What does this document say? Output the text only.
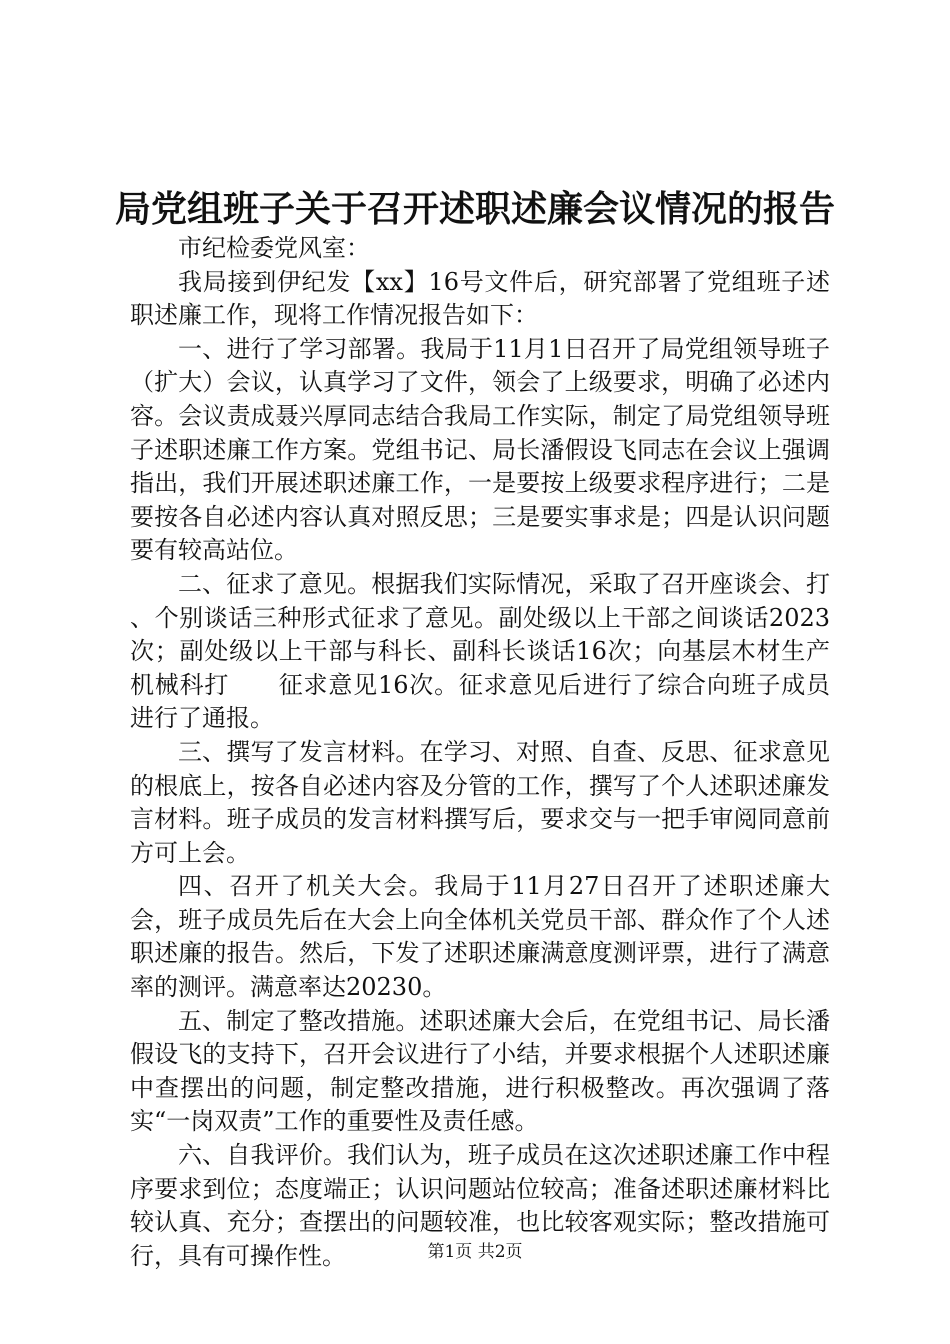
局党组班子关于召开述职述廉会议情况的报告

市纪检委党风室：

我局接到伊纪发【xx】16号文件后，研究部署了党组班子述职述廉工作，现将工作情况报告如下：

一、进行了学习部署。我局于11月1日召开了局党组领导班子（扩大）会议，认真学习了文件，领会了上级要求，明确了必述内容。会议责成聂兴厚同志结合我局工作实际，制定了局党组领导班子述职述廉工作方案。党组书记、局长潘假设飞同志在会议上强调指出，我们开展述职述廉工作，一是要按上级要求程序进行；二是要按各自必述内容认真对照反思；三是要实事求是；四是认识问题要有较高站位。

二、征求了意见。根据我们实际情况，采取了召开座谈会、打　　、个别谈话三种形式征求了意见。副处级以上干部之间谈话2023次；副处级以上干部与科长、副科长谈话16次；向基层木材生产机械科打　　征求意见16次。征求意见后进行了综合向班子成员进行了通报。

三、撰写了发言材料。在学习、对照、自查、反思、征求意见的根底上，按各自必述内容及分管的工作，撰写了个人述职述廉发言材料。班子成员的发言材料撰写后，要求交与一把手审阅同意前方可上会。

四、召开了机关大会。我局于11月27日召开了述职述廉大会，班子成员先后在大会上向全体机关党员干部、群众作了个人述职述廉的报告。然后，下发了述职述廉满意度测评票，进行了满意率的测评。满意率达20230。

五、制定了整改措施。述职述廉大会后，在党组书记、局长潘假设飞的支持下，召开会议进行了小结，并要求根据个人述职述廉中查摆出的问题，制定整改措施，进行积极整改。再次强调了落实“一岗双责”工作的重要性及责任感。

六、自我评价。我们认为，班子成员在这次述职述廉工作中程序要求到位；态度端正；认识问题站位较高；准备述职述廉材料比较认真、充分；查摆出的问题较准，也比较客观实际；整改措施可行，具有可操作性。	第1页 共2页
